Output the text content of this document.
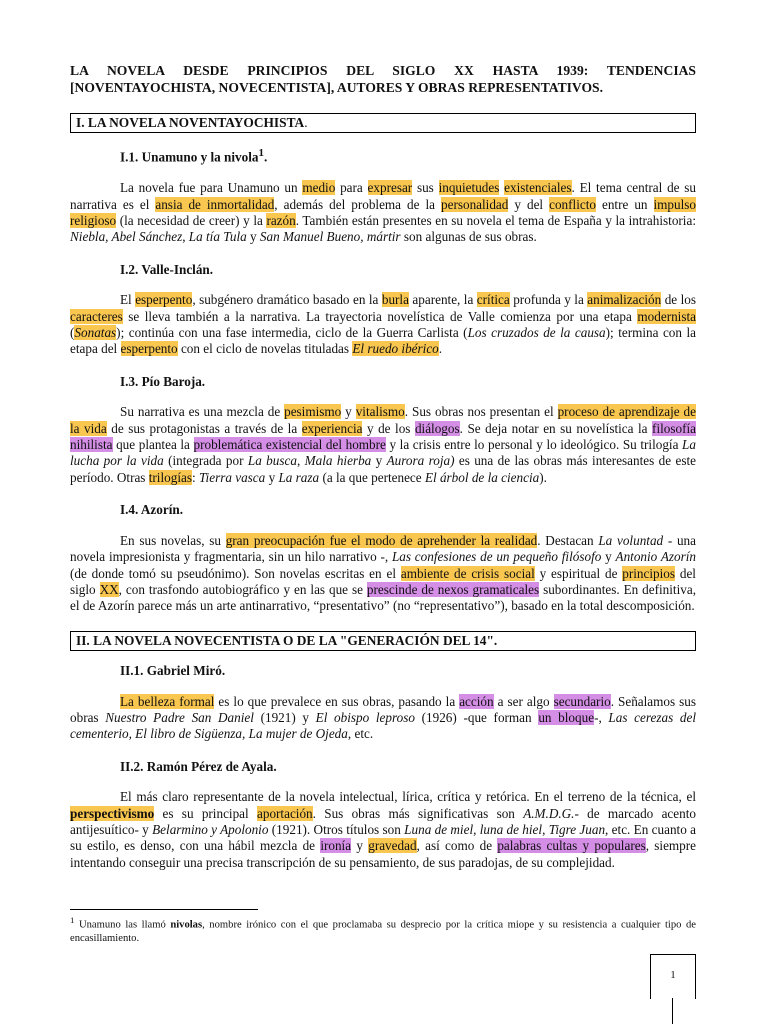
LA NOVELA DESDE PRINCIPIOS DEL SIGLO XX HASTA 1939: TENDENCIAS [NOVENTAYOCHISTA, NOVECENTISTA], AUTORES Y OBRAS REPRESENTATIVOS.
I. LA NOVELA NOVENTAYOCHISTA.
I.1. Unamuno y la nivola$^1$.

La novela fue para Unamuno un medio para expresar sus inquietudes existenciales. El tema central de su narrativa es el ansia de inmortalidad, además del problema de la personalidad y del conflicto entre un impulso religioso (la necesidad de creer) y la razón. También están presentes en su novela el tema de España y la intrahistoria: Niebla, Abel Sánchez, La tía Tula y San Manuel Bueno, mártir son algunas de sus obras.

I.2. Valle-Inclán.

El esperpento, subgénero dramático basado en la burla aparente, la crítica profunda y la animalización de los caracteres se lleva también a la narrativa. La trayectoria novelística de Valle comienza por una etapa modernista (Sonatas); continúa con una fase intermedia, ciclo de la Guerra Carlista (Los cruzados de la causa); termina con la etapa del esperpento con el ciclo de novelas tituladas El ruedo ibérico.

I.3. Pío Baroja.

Su narrativa es una mezcla de pesimismo y vitalismo. Sus obras nos presentan el proceso de aprendizaje de la vida de sus protagonistas a través de la experiencia y de los diálogos. Se deja notar en su novelística la filosofía nihilista que plantea la problemática existencial del hombre y la crisis entre lo personal y lo ideológico. Su trilogía La lucha por la vida (integrada por La busca, Mala hierba y Aurora roja) es una de las obras más interesantes de este período. Otras trilogías: Tierra vasca y La raza (a la que pertenece El árbol de la ciencia).

I.4. Azorín.

En sus novelas, su gran preocupación fue el modo de aprehender la realidad. Destacan La voluntad - una novela impresionista y fragmentaria, sin un hilo narrativo -, Las confesiones de un pequeño filósofo y Antonio Azorín (de donde tomó su pseudónimo). Son novelas escritas en el ambiente de crisis social y espiritual de principios del siglo XX, con trasfondo autobiográfico y en las que se prescinde de nexos gramaticales subordinantes. En definitiva, el de Azorín parece más un arte antinarrativo, “presentativo” (no “representativo”), basado en la total descomposición.

II. LA NOVELA NOVECENTISTA O DE LA "GENERACIÓN DEL 14".
II.1. Gabriel Miró.

La belleza formal es lo que prevalece en sus obras, pasando la acción a ser algo secundario. Señalamos sus obras Nuestro Padre San Daniel (1921) y El obispo leproso (1926) -que forman un bloque-, Las cerezas del cementerio, El libro de Sigüenza, La mujer de Ojeda, etc.

II.2. Ramón Pérez de Ayala.

El más claro representante de la novela intelectual, lírica, crítica y retórica. En el terreno de la técnica, el perspectivismo es su principal aportación. Sus obras más significativas son A.M.D.G.- de marcado acento antijesuítico- y Belarmino y Apolonio (1921). Otros títulos son Luna de miel, luna de hiel, Tigre Juan, etc. En cuanto a su estilo, es denso, con una hábil mezcla de ironía y gravedad, así como de palabras cultas y populares, siempre intentando conseguir una precisa transcripción de su pensamiento, de sus paradojas, de su complejidad.

$^1$ Unamuno las llamó nivolas, nombre irónico con el que proclamaba su desprecio por la crítica miope y su resistencia a cualquier tipo de encasillamiento.
1
